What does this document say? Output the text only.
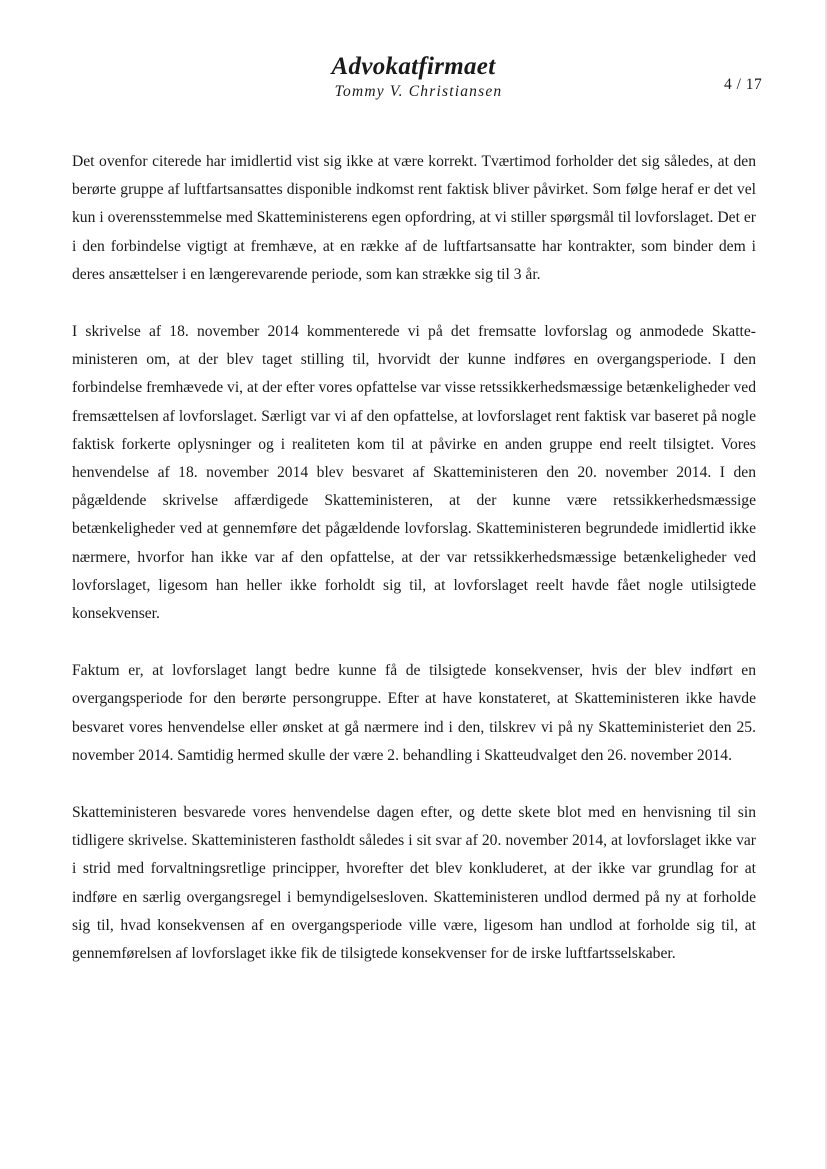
Advokatfirmaet
Tommy V. Christiansen	4 / 17

Det ovenfor citerede har imidlertid vist sig ikke at være korrekt. Tværtimod forholder det sig således, at den berørte gruppe af luftfartsansattes disponible indkomst rent faktisk bliver påvirket. Som følge heraf er det vel kun i overensstemmelse med Skatteministerens egen opfordring, at vi stiller spørgsmål til lovforslaget. Det er i den forbindelse vigtigt at fremhæve, at en række af de luftfartsansatte har kontrakter, som binder dem i deres ansættelser i en længerevarende periode, som kan strække sig til 3 år.

I skrivelse af 18. november 2014 kommenterede vi på det fremsatte lovforslag og anmodede Skatteministeren om, at der blev taget stilling til, hvorvidt der kunne indføres en overgangsperiode. I den forbindelse fremhævede vi, at der efter vores opfattelse var visse retssikkerhedsmæssige betænkeligheder ved fremsættelsen af lovforslaget. Særligt var vi af den opfattelse, at lovforslaget rent faktisk var baseret på nogle faktisk forkerte oplysninger og i realiteten kom til at påvirke en anden gruppe end reelt tilsigtet. Vores henvendelse af 18. november 2014 blev besvaret af Skatteministeren den 20. november 2014. I den pågældende skrivelse affærdigede Skatteministeren, at der kunne være retssikkerhedsmæssige betænkeligheder ved at gennemføre det pågældende lovforslag. Skatteministeren begrundede imidlertid ikke nærmere, hvorfor han ikke var af den opfattelse, at der var retssikkerhedsmæssige betænkeligheder ved lovforslaget, ligesom han heller ikke forholdt sig til, at lovforslaget reelt havde fået nogle utilsigtede konsekvenser.

Faktum er, at lovforslaget langt bedre kunne få de tilsigtede konsekvenser, hvis der blev indført en overgangsperiode for den berørte persongruppe. Efter at have konstateret, at Skatteministeren ikke havde besvaret vores henvendelse eller ønsket at gå nærmere ind i den, tilskrev vi på ny Skatteministeriet den 25. november 2014. Samtidig hermed skulle der være 2. behandling i Skatteudvalget den 26. november 2014.

Skatteministeren besvarede vores henvendelse dagen efter, og dette skete blot med en henvisning til sin tidligere skrivelse. Skatteministeren fastholdt således i sit svar af 20. november 2014, at lovforslaget ikke var i strid med forvaltningsretlige principper, hvorefter det blev konkluderet, at der ikke var grundlag for at indføre en særlig overgangsregel i bemyndigelsesloven. Skatteministeren undlod dermed på ny at forholde sig til, hvad konsekvensen af en overgangsperiode ville være, ligesom han undlod at forholde sig til, at gennemførelsen af lovforslaget ikke fik de tilsigtede konsekvenser for de irske luftfartsselskaber.
